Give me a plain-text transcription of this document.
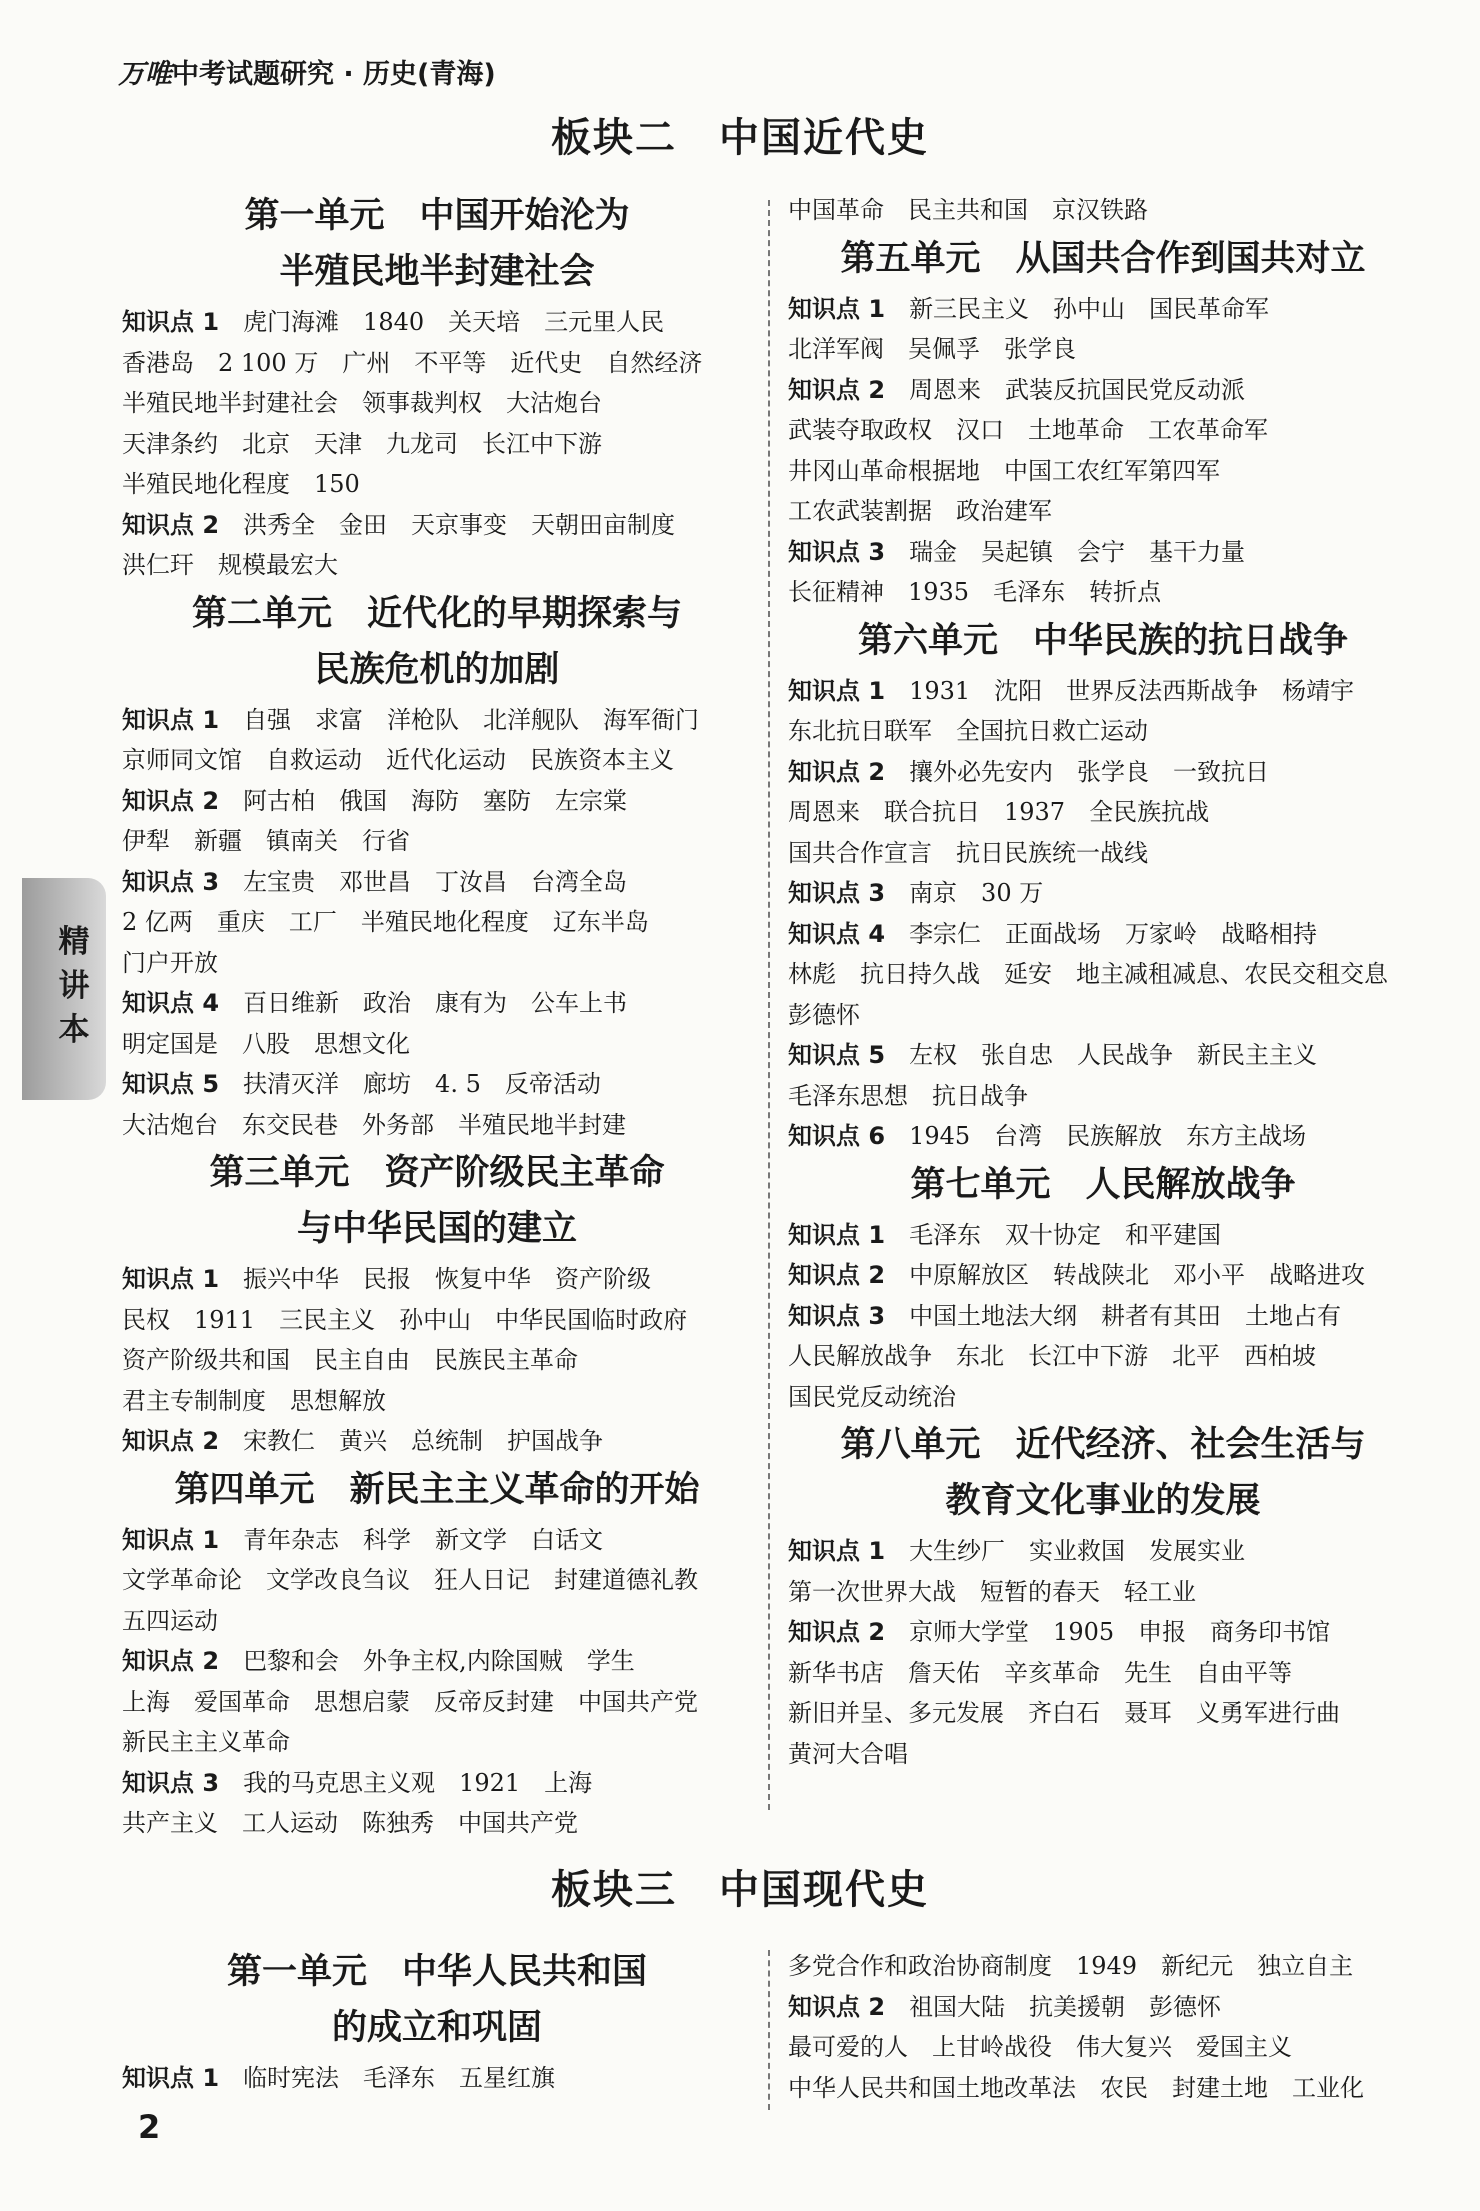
万唯中考试题研究 · 历史(青海)
板块二　中国近代史
第一单元　中国开始沦为
半殖民地半封建社会
知识点 1　 虎门海滩　1840　关天培　三元里人民
香港岛　2 100 万　广州　不平等　近代史　自然经济
半殖民地半封建社会　领事裁判权　大沽炮台
天津条约　北京　天津　九龙司　长江中下游
半殖民地化程度　150
知识点 2　 洪秀全　金田　天京事变　天朝田亩制度
洪仁玕　规模最宏大
第二单元　近代化的早期探索与
民族危机的加剧
知识点 1　 自强　求富　洋枪队　北洋舰队　海军衙门
京师同文馆　自救运动　近代化运动　民族资本主义
知识点 2　 阿古柏　俄国　海防　塞防　左宗棠
伊犁　新疆　镇南关　行省
知识点 3　 左宝贵　邓世昌　丁汝昌　台湾全岛
2 亿两　重庆　工厂　半殖民地化程度　辽东半岛
门户开放
知识点 4　 百日维新　政治　康有为　公车上书
明定国是　八股　思想文化
知识点 5　 扶清灭洋　廊坊　4. 5　反帝活动
大沽炮台　东交民巷　外务部　半殖民地半封建
第三单元　资产阶级民主革命
与中华民国的建立
知识点 1　 振兴中华　民报　恢复中华　资产阶级
民权　1911　三民主义　孙中山　中华民国临时政府
资产阶级共和国　民主自由　民族民主革命
君主专制制度　思想解放
知识点 2　 宋教仁　黄兴　总统制　护国战争
第四单元　新民主主义革命的开始
知识点 1　 青年杂志　科学　新文学　白话文
文学革命论　文学改良刍议　狂人日记　封建道德礼教
五四运动
知识点 2　 巴黎和会　外争主权,内除国贼　学生
上海　爱国革命　思想启蒙　反帝反封建　中国共产党
新民主主义革命
知识点 3　 我的马克思主义观　1921　上海
共产主义　工人运动　陈独秀　中国共产党
中国革命　民主共和国　京汉铁路
第五单元　从国共合作到国共对立
知识点 1　 新三民主义　孙中山　国民革命军
北洋军阀　吴佩孚　张学良
知识点 2　 周恩来　武装反抗国民党反动派
武装夺取政权　汉口　土地革命　工农革命军
井冈山革命根据地　中国工农红军第四军
工农武装割据　政治建军
知识点 3　 瑞金　吴起镇　会宁　基干力量
长征精神　1935　毛泽东　转折点
第六单元　中华民族的抗日战争
知识点 1　 1931　沈阳　世界反法西斯战争　杨靖宇
东北抗日联军　全国抗日救亡运动
知识点 2　 攘外必先安内　张学良　一致抗日
周恩来　联合抗日　1937　全民族抗战
国共合作宣言　抗日民族统一战线
知识点 3　 南京　30 万
知识点 4　 李宗仁　正面战场　万家岭　战略相持
林彪　抗日持久战　延安　地主减租减息、农民交租交息
彭德怀
知识点 5　 左权　张自忠　人民战争　新民主主义
毛泽东思想　抗日战争
知识点 6　 1945　台湾　民族解放　东方主战场
第七单元　人民解放战争
知识点 1　 毛泽东　双十协定　和平建国
知识点 2　 中原解放区　转战陕北　邓小平　战略进攻
知识点 3　 中国土地法大纲　耕者有其田　土地占有
人民解放战争　东北　长江中下游　北平　西柏坡
国民党反动统治
第八单元　近代经济、社会生活与
教育文化事业的发展
知识点 1　 大生纱厂　实业救国　发展实业
第一次世界大战　短暂的春天　轻工业
知识点 2　 京师大学堂　1905　申报　商务印书馆
新华书店　詹天佑　辛亥革命　先生　自由平等
新旧并呈、多元发展　齐白石　聂耳　义勇军进行曲
黄河大合唱
板块三　中国现代史
第一单元　中华人民共和国
的成立和巩固
知识点 1　 临时宪法　毛泽东　五星红旗
多党合作和政治协商制度　1949　新纪元　独立自主
知识点 2　 祖国大陆　抗美援朝　彭德怀
最可爱的人　上甘岭战役　伟大复兴　爱国主义
中华人民共和国土地改革法　农民　封建土地　工业化
精
讲
本
2
